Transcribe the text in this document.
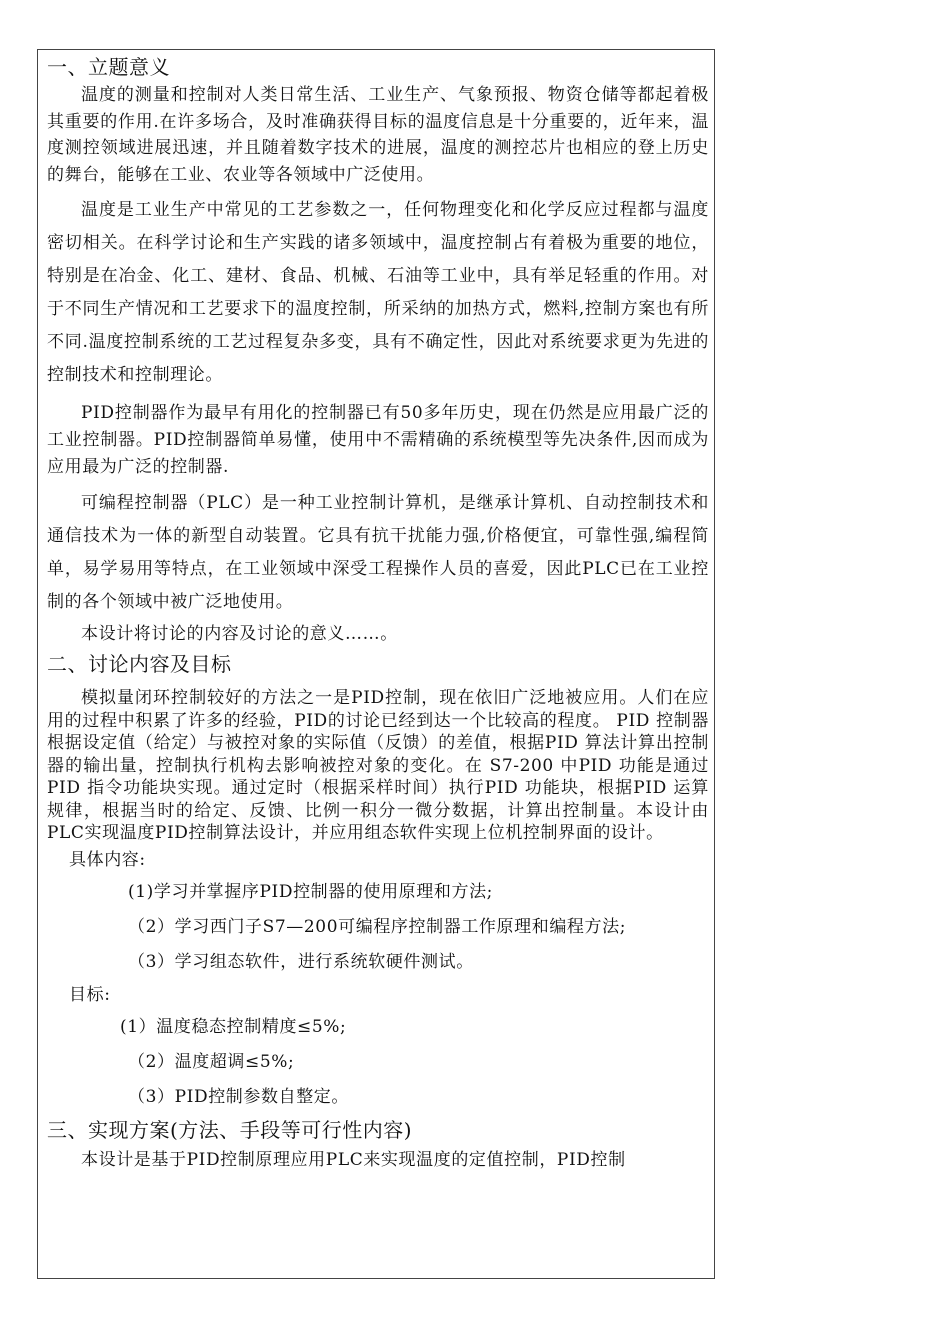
一、立题意义

温度的测量和控制对人类日常生活、工业生产、气象预报、物资仓储等都起着极其重要的作用.在许多场合，及时准确获得目标的温度信息是十分重要的，近年来，温度测控领域进展迅速，并且随着数字技术的进展，温度的测控芯片也相应的登上历史的舞台，能够在工业、农业等各领域中广泛使用。

温度是工业生产中常见的工艺参数之一，任何物理变化和化学反应过程都与温度密切相关。在科学讨论和生产实践的诸多领域中，温度控制占有着极为重要的地位，特别是在冶金、化工、建材、食品、机械、石油等工业中，具有举足轻重的作用。对于不同生产情况和工艺要求下的温度控制，所采纳的加热方式，燃料,控制方案也有所不同.温度控制系统的工艺过程复杂多变，具有不确定性，因此对系统要求更为先进的控制技术和控制理论。

PID控制器作为最早有用化的控制器已有50多年历史，现在仍然是应用最广泛的工业控制器。PID控制器简单易懂，使用中不需精确的系统模型等先决条件,因而成为应用最为广泛的控制器.

可编程控制器（PLC）是一种工业控制计算机，是继承计算机、自动控制技术和通信技术为一体的新型自动装置。它具有抗干扰能力强,价格便宜，可靠性强,编程简单，易学易用等特点，在工业领域中深受工程操作人员的喜爱，因此PLC已在工业控制的各个领域中被广泛地使用。

本设计将讨论的内容及讨论的意义……。

二、讨论内容及目标

模拟量闭环控制较好的方法之一是PID控制，现在依旧广泛地被应用。人们在应用的过程中积累了许多的经验，PID的讨论已经到达一个比较高的程度。 PID 控制器根据设定值（给定）与被控对象的实际值（反馈）的差值，根据PID 算法计算出控制器的输出量，控制执行机构去影响被控对象的变化。在 S7-200 中PID 功能是通过PID 指令功能块实现。通过定时（根据采样时间）执行PID 功能块，根据PID 运算规律，根据当时的给定、反馈、比例一积分一微分数据，计算出控制量。本设计由PLC实现温度PID控制算法设计，并应用组态软件实现上位机控制界面的设计。

具体内容:

(1)学习并掌握序PID控制器的使用原理和方法;

（2）学习西门子S7—200可编程序控制器工作原理和编程方法;

（3）学习组态软件，进行系统软硬件测试。

目标:

(1）温度稳态控制精度≤5%;

（2）温度超调≤5%;

（3）PID控制参数自整定。

三、实现方案(方法、手段等可行性内容)

本设计是基于PID控制原理应用PLC来实现温度的定值控制，PID控制
